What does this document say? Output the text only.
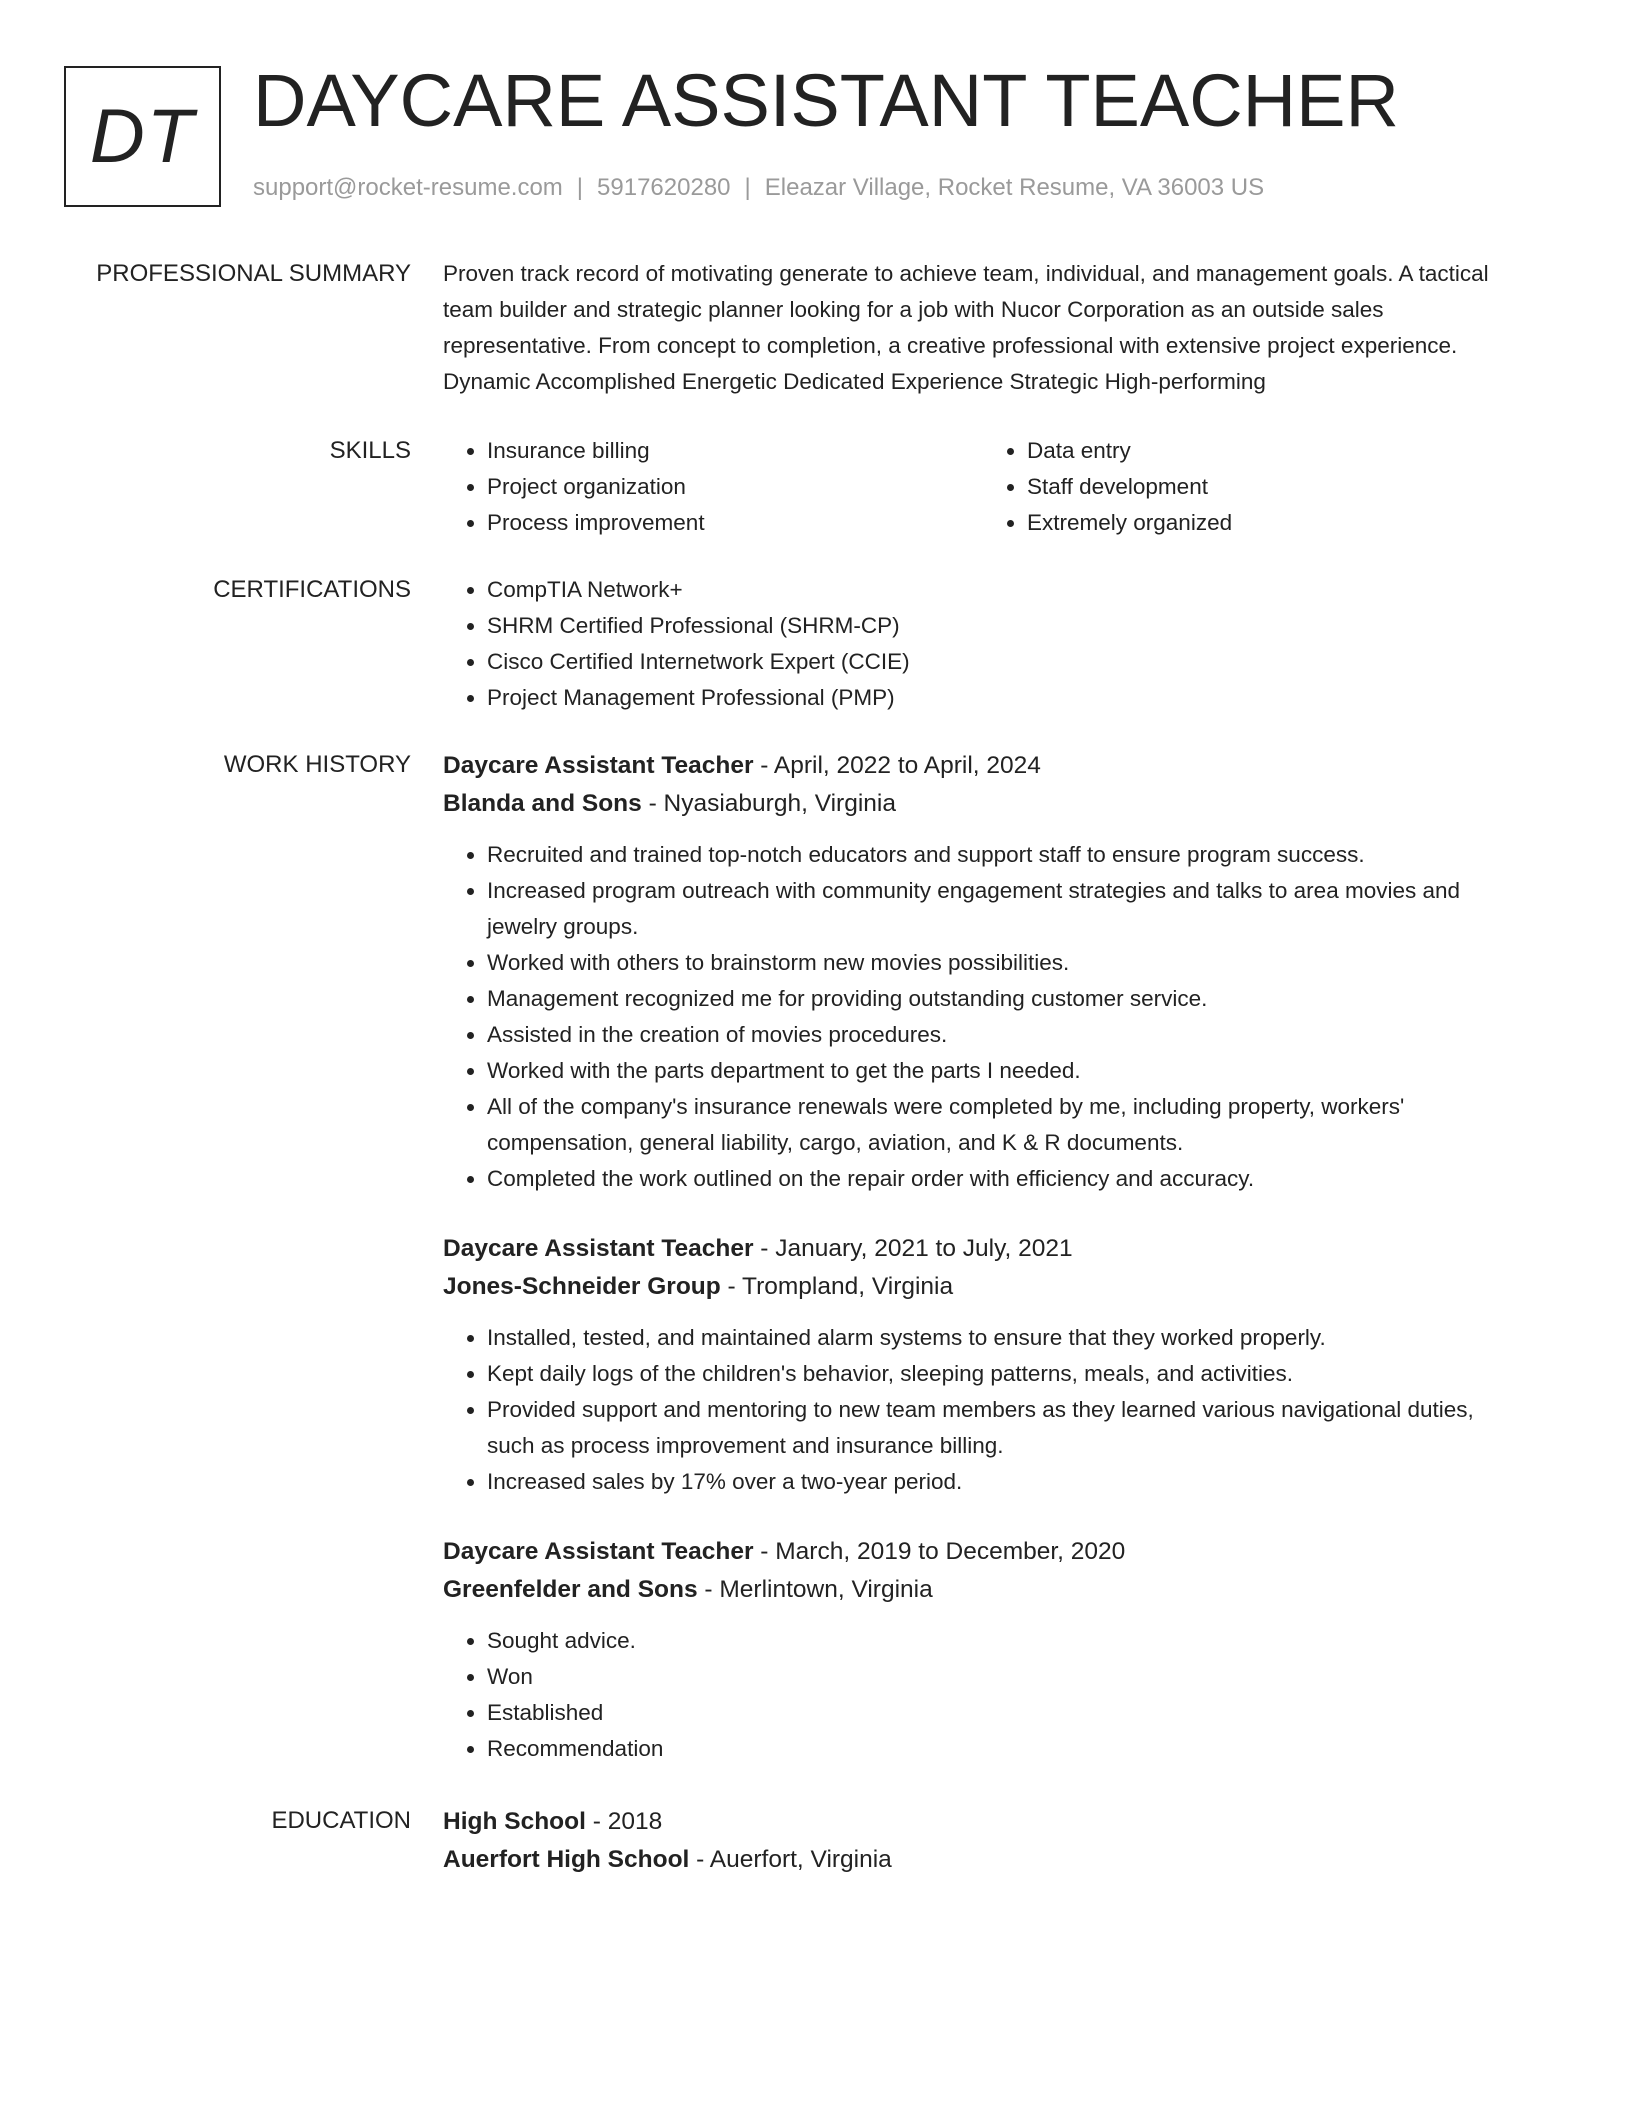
DT DAYCARE ASSISTANT TEACHER
support@rocket-resume.com | 5917620280 | Eleazar Village, Rocket Resume, VA 36003 US
PROFESSIONAL SUMMARY Proven track record of motivating generate to achieve team, individual, and management goals. A tactical team builder and strategic planner looking for a job with Nucor Corporation as an outside sales representative. From concept to completion, a creative professional with extensive project experience. Dynamic Accomplished Energetic Dedicated Experience Strategic High-performing

SKILLS	• Insurance billing
• Project organization
• Process improvement
• Data entry
• Staff development
• Extremely organized
CERTIFICATIONS	• CompTIA Network+
• SHRM Certified Professional (SHRM-CP)
• Cisco Certified Internetwork Expert (CCIE)
• Project Management Professional (PMP)
WORK HISTORY Daycare Assistant Teacher - April, 2022 to April, 2024
Blanda and Sons - Nyasiaburgh, Virginia
• Recruited and trained top-notch educators and support staff to ensure program success.
• Increased program outreach with community engagement strategies and talks to area movies and jewelry groups.
• Worked with others to brainstorm new movies possibilities.
• Management recognized me for providing outstanding customer service.
• Assisted in the creation of movies procedures.
• Worked with the parts department to get the parts I needed.
• All of the company's insurance renewals were completed by me, including property, workers' compensation, general liability, cargo, aviation, and K & R documents.
• Completed the work outlined on the repair order with efficiency and accuracy.
Daycare Assistant Teacher - January, 2021 to July, 2021
Jones-Schneider Group - Trompland, Virginia
• Installed, tested, and maintained alarm systems to ensure that they worked properly.
• Kept daily logs of the children's behavior, sleeping patterns, meals, and activities.
• Provided support and mentoring to new team members as they learned various navigational duties, such as process improvement and insurance billing.
• Increased sales by 17% over a two-year period.
Daycare Assistant Teacher - March, 2019 to December, 2020
Greenfelder and Sons - Merlintown, Virginia
• Sought advice.
• Won
• Established
• Recommendation
EDUCATION High School - 2018
Auerfort High School - Auerfort, Virginia
